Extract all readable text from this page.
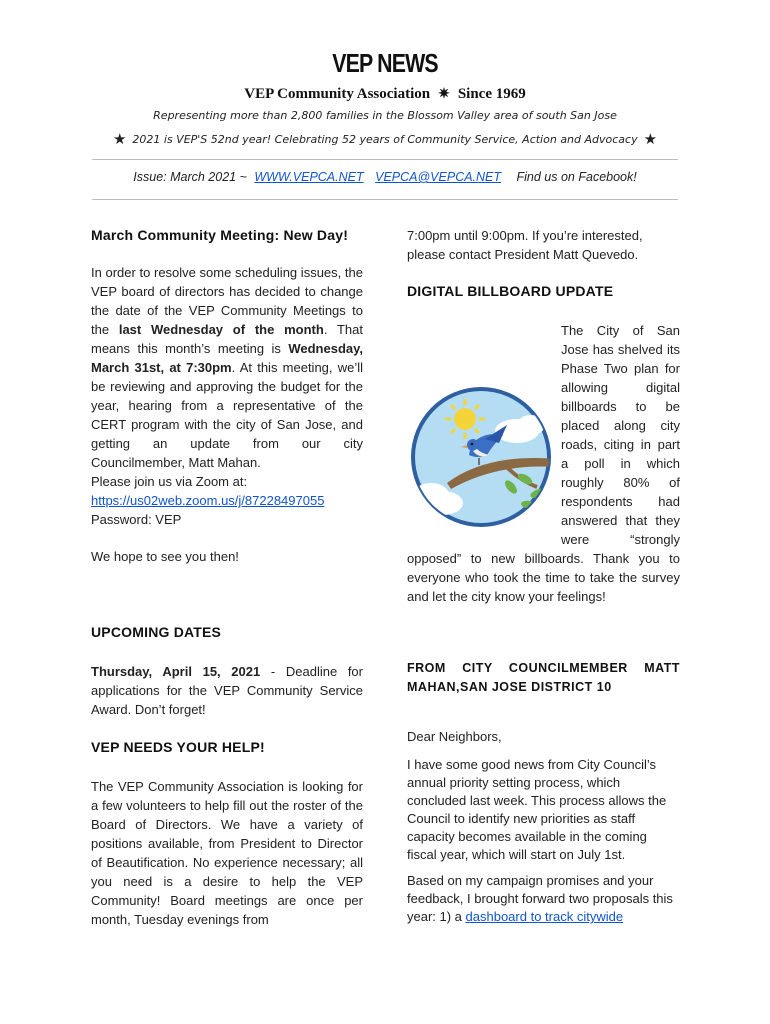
VEP NEWS
VEP Community Association ✷ Since 1969
Representing more than 2,800 families in the Blossom Valley area of south San Jose
★ 2021 is VEP'S 52nd year! Celebrating 52 years of Community Service, Action and Advocacy ★
Issue: March 2021 ~ WWW.VEPCA.NET VEPCA@VEPCA.NET Find us on Facebook!
March Community Meeting: New Day!

In order to resolve some scheduling issues, the VEP board of directors has decided to change the date of the VEP Community Meetings to the last Wednesday of the month. That means this month’s meeting is Wednesday, March 31st, at 7:30pm. At this meeting, we’ll be reviewing and approving the budget for the year, hearing from a representative of the CERT program with the city of San Jose, and getting an update from our city Councilmember, Matt Mahan.

Please join us via Zoom at:

https://us02web.zoom.us/j/87228497055

Password: VEP

We hope to see you then!

7:00pm until 9:00pm. If you’re interested, please contact President Matt Quevedo.

DIGITAL BILLBOARD UPDATE

The City of San Jose has shelved its Phase Two plan for allowing digital billboards to be placed along city roads, citing in part a poll in which roughly 80% of respondents had answered that they were “strongly opposed” to new billboards. Thank you to everyone who took the time to take the survey and let the city know your feelings!

UPCOMING DATES

Thursday, April 15, 2021 - Deadline for applications for the VEP Community Service Award. Don’t forget!

VEP NEEDS YOUR HELP!

The VEP Community Association is looking for a few volunteers to help fill out the roster of the Board of Directors. We have a variety of positions available, from President to Director of Beautification. No experience necessary; all you need is a desire to help the VEP Community! Board meetings are once per month, Tuesday evenings from

FROM CITY COUNCILMEMBER MATT MAHAN,SAN JOSE DISTRICT 10

Dear Neighbors,

I have some good news from City Council’s annual priority setting process, which concluded last week. This process allows the Council to identify new priorities as staff capacity becomes available in the coming fiscal year, which will start on July 1st.

Based on my campaign promises and your feedback, I brought forward two proposals this year: 1) a dashboard to track citywide
